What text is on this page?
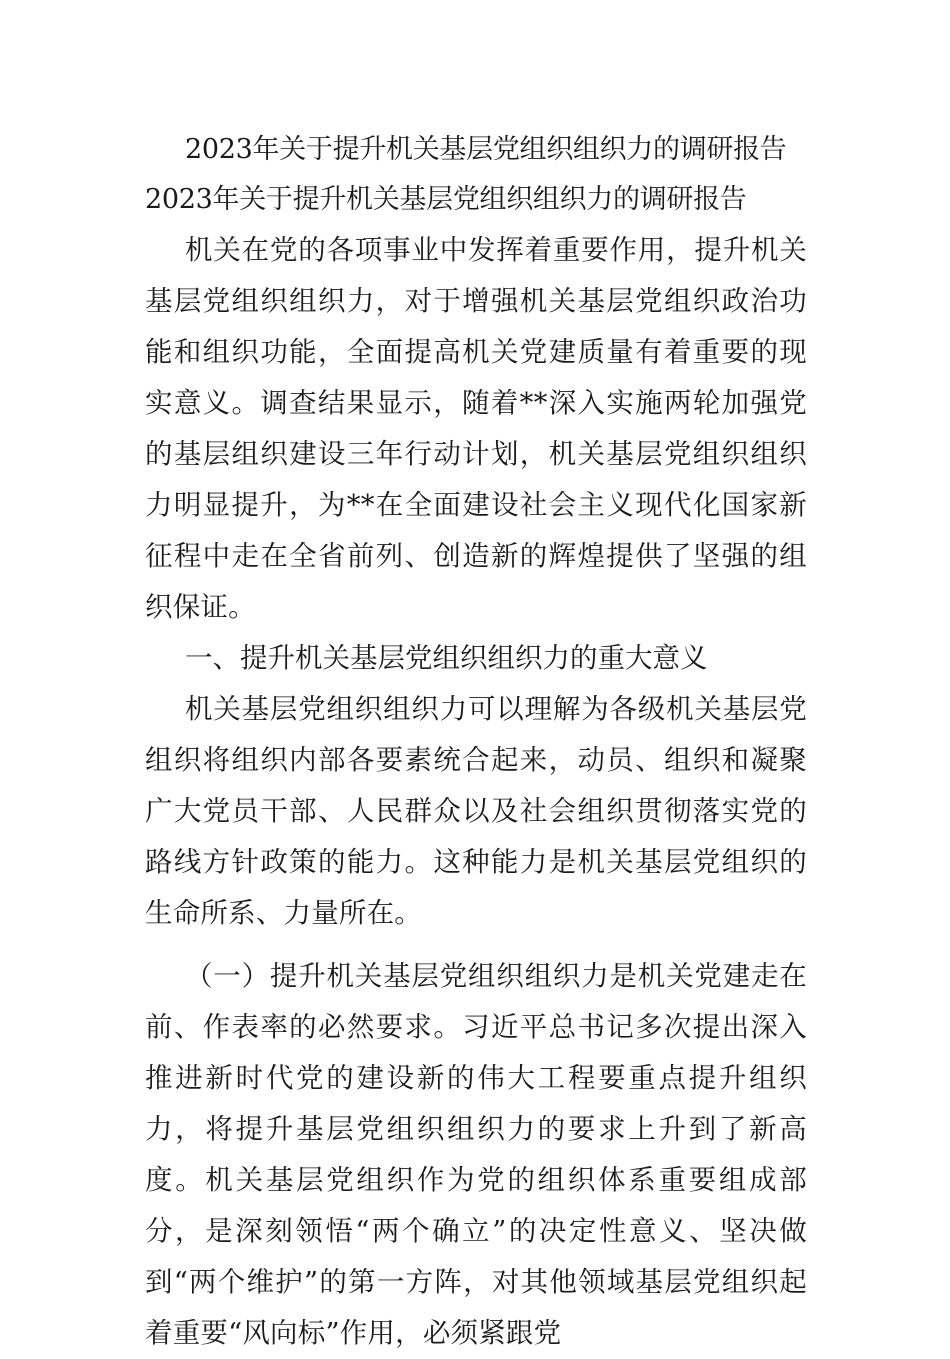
2023年关于提升机关基层党组织组织力的调研报告

2023年关于提升机关基层党组织组织力的调研报告

机关在党的各项事业中发挥着重要作用，提升机关基层党组织组织力，对于增强机关基层党组织政治功能和组织功能，全面提高机关党建质量有着重要的现实意义。调查结果显示，随着**深入实施两轮加强党的基层组织建设三年行动计划，机关基层党组织组织力明显提升，为**在全面建设社会主义现代化国家新征程中走在全省前列、创造新的辉煌提供了坚强的组织保证。

一、提升机关基层党组织组织力的重大意义

机关基层党组织组织力可以理解为各级机关基层党组织将组织内部各要素统合起来，动员、组织和凝聚广大党员干部、人民群众以及社会组织贯彻落实党的路线方针政策的能力。这种能力是机关基层党组织的生命所系、力量所在。

（一）提升机关基层党组织组织力是机关党建走在前、作表率的必然要求。习近平总书记多次提出深入推进新时代党的建设新的伟大工程要重点提升组织力，将提升基层党组织组织力的要求上升到了新高度。机关基层党组织作为党的组织体系重要组成部分，是深刻领悟“两个确立”的决定性意义、坚决做到“两个维护”的第一方阵，对其他领域基层党组织起着重要“风向标”作用，必须紧跟党
